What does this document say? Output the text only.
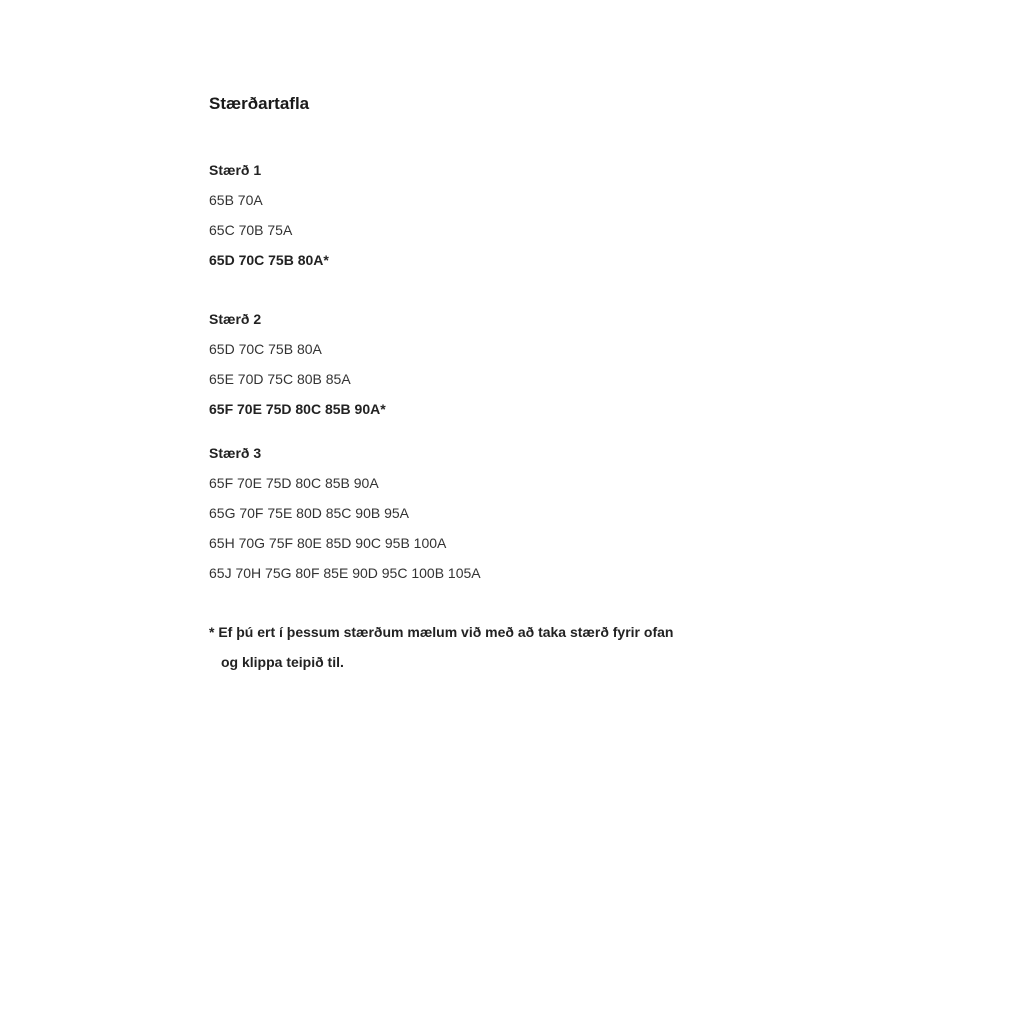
Stærðartafla
Stærð 1
65B 70A
65C 70B 75A
65D 70C 75B 80A*
Stærð 2
65D 70C 75B 80A
65E 70D 75C 80B 85A
65F 70E 75D 80C 85B 90A*
Stærð 3
65F 70E 75D 80C 85B 90A
65G 70F 75E 80D 85C 90B 95A
65H 70G 75F 80E 85D 90C 95B 100A
65J 70H 75G 80F 85E 90D 95C 100B 105A
* Ef þú ert í þessum stærðum mælum við með að taka stærð fyrir ofan
og klippa teipið til.
